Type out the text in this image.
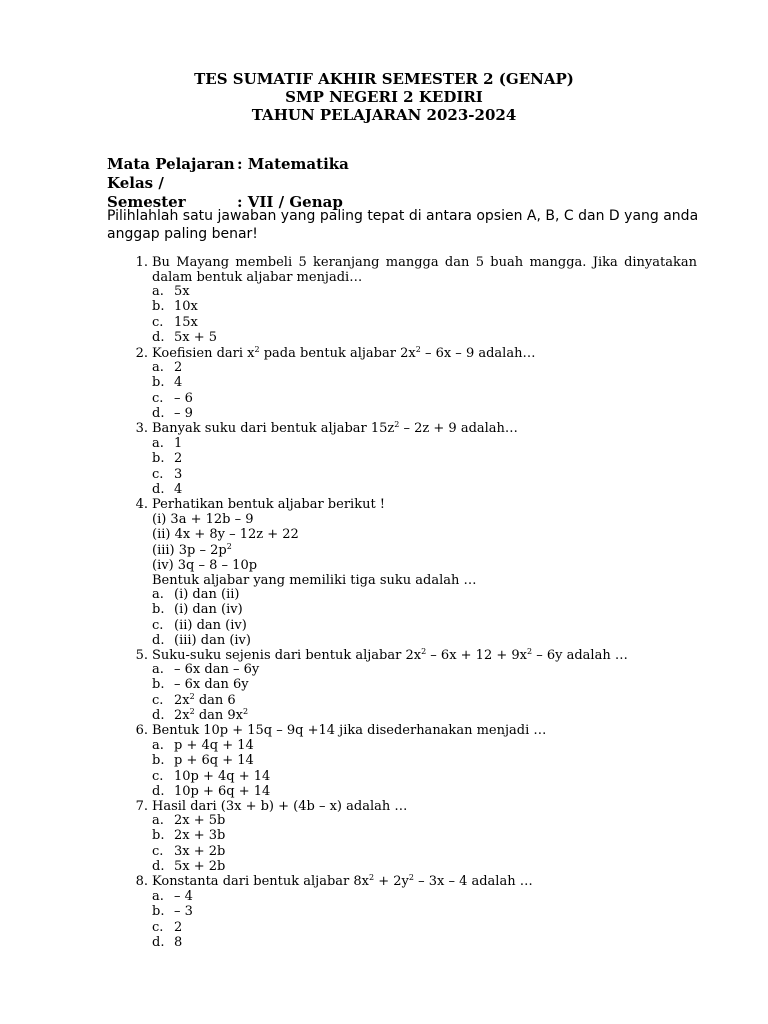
TES SUMATIF AKHIR SEMESTER 2 (GENAP)
SMP NEGERI 2 KEDIRI
TAHUN PELAJARAN 2023-2024
Mata Pelajaran : Matematika
Kelas / Semester	: VII / Genap
Pilihlahlah satu jawaban yang paling tepat di antara opsien A, B, C dan D yang anda anggap paling benar!
1. Bu Mayang membeli 5 keranjang mangga dan 5 buah mangga. Jika dinyatakan dalam bentuk aljabar menjadi…
a. 5x
b. 10x
c. 15x
d. 5x + 5
2. Koefisien dari $x^2$ pada bentuk aljabar $2x^2 - 6x - 9$ adalah…
a. 2
b. 4
c. – 6
d. – 9
3. Banyak suku dari bentuk aljabar $15z^2 - 2z + 9$ adalah…
a. 1
b. 2
c. 3
d. 4
4. Perhatikan bentuk aljabar berikut !
(i) 3a + 12b – 9
(ii) 4x + 8y – 12z + 22
(iii) $3p - 2p^2$
(iv) 3q – 8 – 10p
Bentuk aljabar yang memiliki tiga suku adalah …
a. (i) dan (ii)
b. (i) dan (iv)
c. (ii) dan (iv)
d. (iii) dan (iv)
5. Suku-suku sejenis dari bentuk aljabar $2x^2 - 6x + 12 + 9x^2 - 6y$ adalah …
a. – 6x dan – 6y
b. – 6x dan 6y
c. $2x^2$ dan 6
d. $2x^2$ dan $9x^2$
6. Bentuk 10p + 15q – 9q +14 jika disederhanakan menjadi …
a. p + 4q + 14
b. p + 6q + 14
c. 10p + 4q + 14
d. 10p + 6q + 14
7. Hasil dari (3x + b) + (4b – x) adalah …
a. 2x + 5b
b. 2x + 3b
c. 3x + 2b
d. 5x + 2b
8. Konstanta dari bentuk aljabar $8x^2 + 2y^2 - 3x - 4$ adalah …
a. – 4
b. – 3
c. 2
d. 8
